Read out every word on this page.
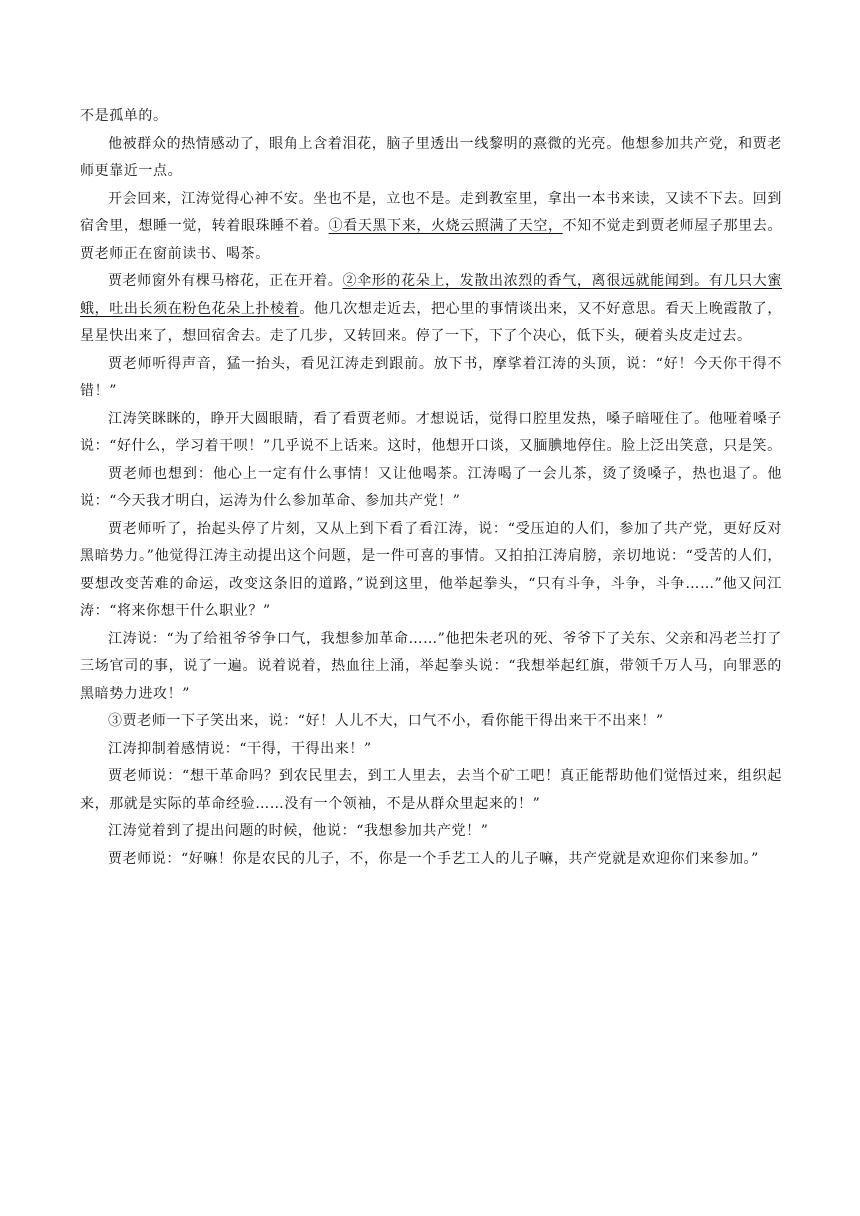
不是孤单的。

他被群众的热情感动了，眼角上含着泪花，脑子里透出一线黎明的熹微的光亮。他想参加共产党，和贾老师更靠近一点。

开会回来，江涛觉得心神不安。坐也不是，立也不是。走到教室里，拿出一本书来读，又读不下去。回到宿舍里，想睡一觉，转着眼珠睡不着。①看天黑下来，火烧云照满了天空，不知不觉走到贾老师屋子那里去。贾老师正在窗前读书、喝茶。

贾老师窗外有棵马榕花，正在开着。②伞形的花朵上，发散出浓烈的香气，离很远就能闻到。有几只大蜜蛾，吐出长须在粉色花朵上扑棱着。他几次想走近去，把心里的事情谈出来，又不好意思。看天上晚霞散了，星星快出来了，想回宿舍去。走了几步，又转回来。停了一下，下了个决心，低下头，硬着头皮走过去。

贾老师听得声音，猛一抬头，看见江涛走到跟前。放下书，摩挲着江涛的头顶，说：“好！今天你干得不错！”

江涛笑眯眯的，睁开大圆眼睛，看了看贾老师。才想说话，觉得口腔里发热，嗓子暗哑住了。他哑着嗓子说：“好什么，学习着干呗！”几乎说不上话来。这时，他想开口谈，又腼腆地停住。脸上泛出笑意，只是笑。

贾老师也想到：他心上一定有什么事情！又让他喝茶。江涛喝了一会儿茶，烫了烫嗓子，热也退了。他说：“今天我才明白，运涛为什么参加革命、参加共产党！”

贾老师听了，抬起头停了片刻，又从上到下看了看江涛，说：“受压迫的人们，参加了共产党，更好反对黑暗势力。”他觉得江涛主动提出这个问题，是一件可喜的事情。又拍拍江涛肩膀，亲切地说：“受苦的人们，要想改变苦难的命运，改变这条旧的道路，”说到这里，他举起拳头，“只有斗争，斗争，斗争……”他又问江涛：“将来你想干什么职业？”

江涛说：“为了给祖爷爷争口气，我想参加革命……”他把朱老巩的死、爷爷下了关东、父亲和冯老兰打了三场官司的事，说了一遍。说着说着，热血往上涌，举起拳头说：“我想举起红旗，带领千万人马，向罪恶的黑暗势力进攻！”

③贾老师一下子笑出来，说：“好！人儿不大，口气不小，看你能干得出来干不出来！”

江涛抑制着感情说：“干得，干得出来！”

贾老师说：“想干革命吗？到农民里去，到工人里去，去当个矿工吧！真正能帮助他们觉悟过来，组织起来，那就是实际的革命经验……没有一个领袖，不是从群众里起来的！”

江涛觉着到了提出问题的时候，他说：“我想参加共产党！”

贾老师说：“好嘛！你是农民的儿子，不，你是一个手艺工人的儿子嘛，共产党就是欢迎你们来参加。”
